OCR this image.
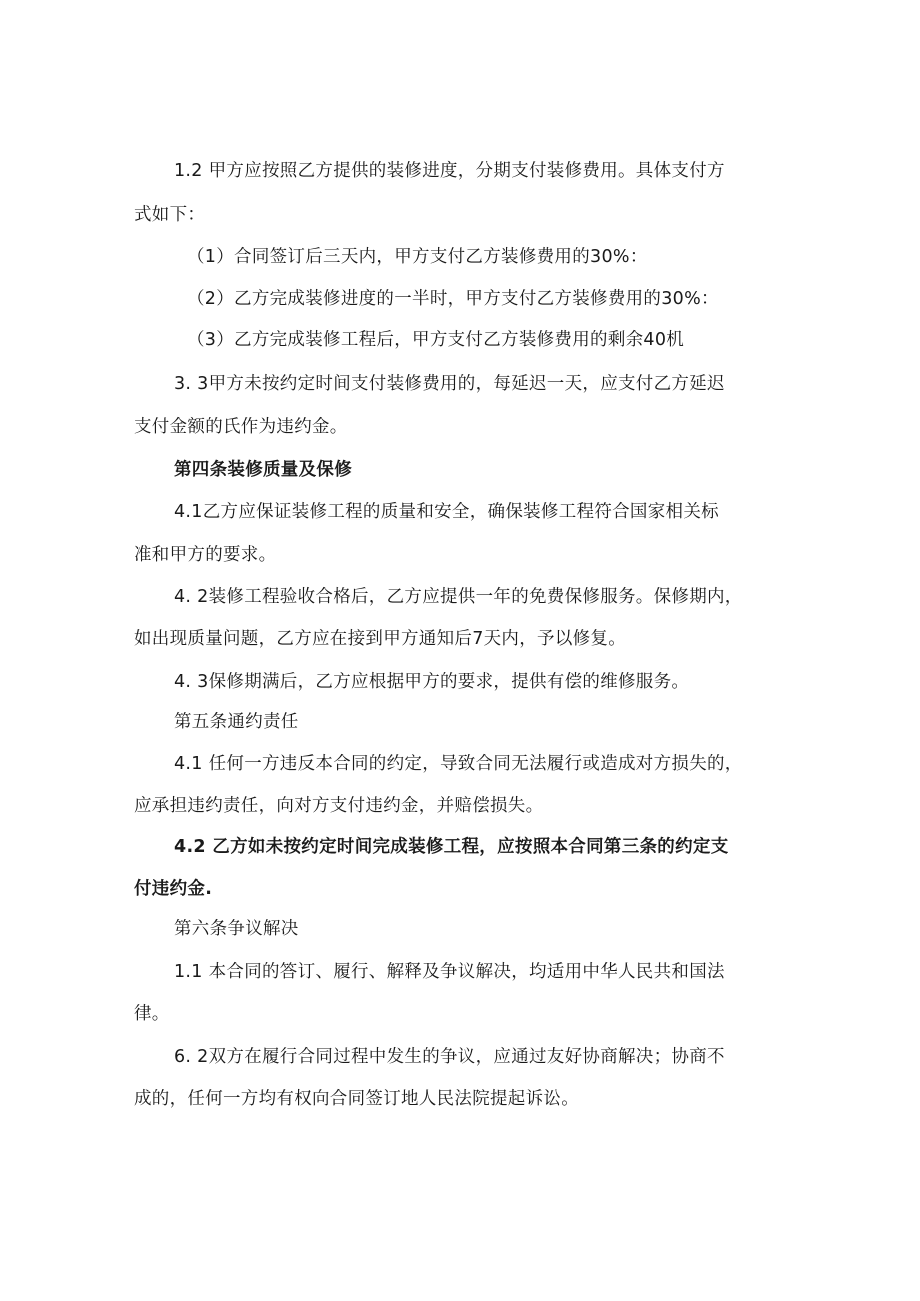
1.2 甲方应按照乙方提供的装修进度，分期支付装修费用。具体支付方
式如下：
（1）合同签订后三天内，甲方支付乙方装修费用的30%：
（2）乙方完成装修进度的一半时，甲方支付乙方装修费用的30%：
（3）乙方完成装修工程后，甲方支付乙方装修费用的剩余40机
3. 3甲方未按约定时间支付装修费用的，每延迟一天，应支付乙方延迟
支付金额的氏作为违约金。
第四条装修质量及保修
4.1乙方应保证装修工程的质量和安全，确保装修工程符合国家相关标
准和甲方的要求。
4. 2装修工程验收合格后，乙方应提供一年的免费保修服务。保修期内，
如出现质量问题，乙方应在接到甲方通知后7天内，予以修复。
4. 3保修期满后，乙方应根据甲方的要求，提供有偿的维修服务。
第五条通约责任
4.1 任何一方违反本合同的约定，导致合同无法履行或造成对方损失的，
应承担违约责任，向对方支付违约金，并赔偿损失。
4.2 乙方如未按约定时间完成装修工程，应按照本合同第三条的约定支
付违约金.
第六条争议解决
1.1 本合同的答订、履行、解释及争议解决，均适用中华人民共和国法
律。
6. 2双方在履行合同过程中发生的争议，应通过友好协商解决；协商不
成的，任何一方均有权向合同签订地人民法院提起诉讼。
